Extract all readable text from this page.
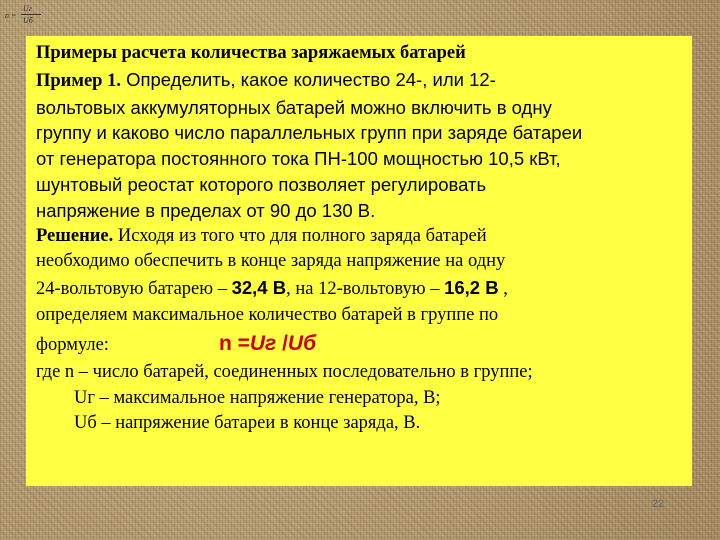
n =
Uг
Uб
Примеры расчета количества заряжаемых батарей
Пример 1. Определить, какое количество 24-, или 12-
вольтовых аккумуляторных батарей можно включить в одну
группу и каково число параллельных групп при заряде батареи
от генератора постоянного тока ПН-100 мощностью 10,5 кВт,
шунтовый реостат которого позволяет регулировать
напряжение в пределах от 90 до 130 В.
Решение. Исходя из того что для полного заряда батарей
необходимо обеспечить в конце заряда напряжение на одну
24-вольтовую батарею – 32,4 В, на 12-вольтовую – 16,2 В ,
определяем максимальное количество батарей в группе по
формуле:	n =Uг /Uб
где n – число батарей, соединенных последовательно в группе;
Uг – максимальное напряжение генератора, В;
Uб – напряжение батареи в конце заряда, В.
22
